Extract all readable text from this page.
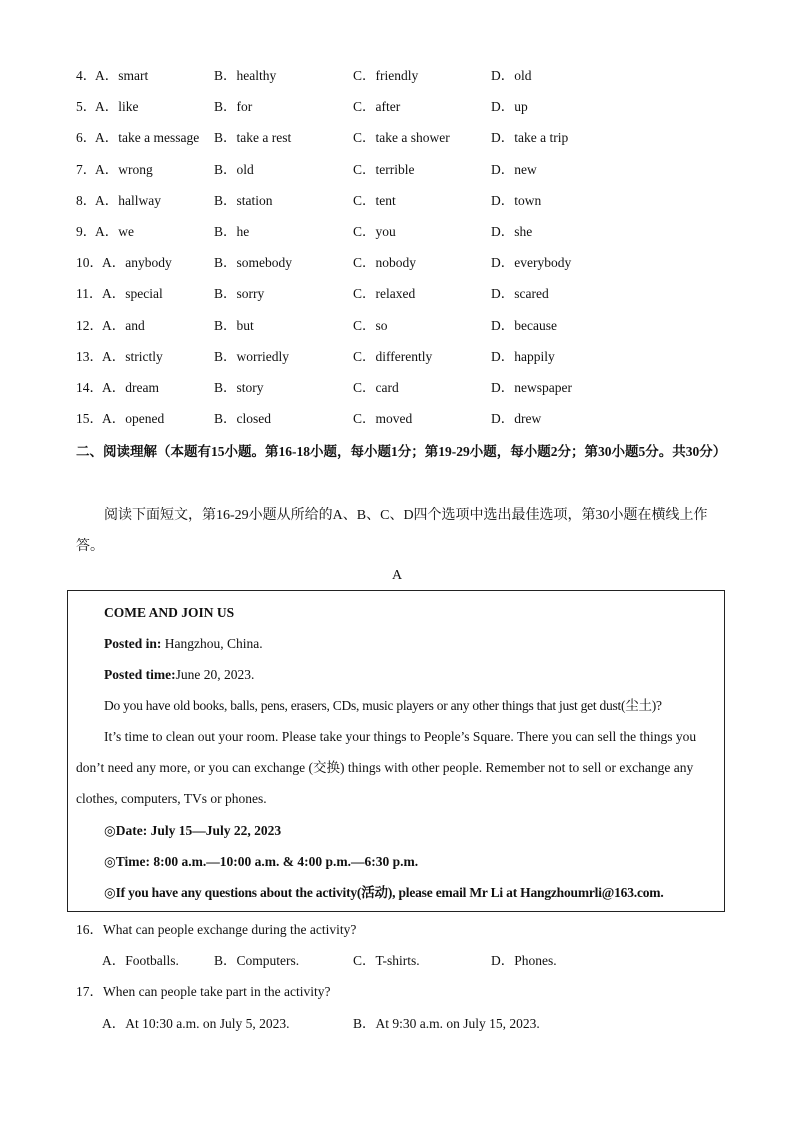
4．
A．smart	B．healthy	C．friendly	D．old
5．
A．like	B．for	C．after	D．up
6．
A．take a message B．take a rest	C．take a shower	D．take a trip
7．
A．wrong	B．old	C．terrible	D．new
8．
A．hallway	B．station	C．tent	D．town
9．
A．we	B．he	C．you	D．she
10． A．anybody	B．somebody	C．nobody	D．everybody
11． A．special	B．sorry	C．relaxed	D．scared
12． A．and	B．but	C．so	D．because
13． A．strictly	B．worriedly	C．differently	D．happily
14． A．dream	B．story	C．card	D．newspaper
15． A．opened	B．closed	C．moved	D．drew
二、阅读理解（本题有15小题。第16-18小题，每小题1分；第19-29小题，每小题2分；第30小题5分。共30分）
阅读下面短文，第16-29小题从所给的A、B、C、D四个选项中选出最佳选项，第30小题在横线上作答。
A
COME AND JOIN US
Posted in: Hangzhou, China.
Posted time:June 20, 2023.
Do you have old books, balls, pens, erasers, CDs, music players or any other things that just get dust(尘土)?
It’s time to clean out your room. Please take your things to People’s Square. There you can sell the things you don’t need any more, or you can exchange (交换) things with other people. Remember not to sell or exchange any clothes, computers, TVs or phones.
◎Date: July 15—July 22, 2023
◎Time: 8:00 a.m.—10:00 a.m. & 4:00 p.m.—6:30 p.m.
◎If you have any questions about the activity(活动), please email Mr Li at Hangzhoumrli@163.com.
16．What can people exchange during the activity?
A．Footballs.	B．Computers.	C．T-shirts.	D．Phones.
17．When can people take part in the activity?
A．At 10:30 a.m. on July 5, 2023.	B．At 9:30 a.m. on July 15, 2023.
